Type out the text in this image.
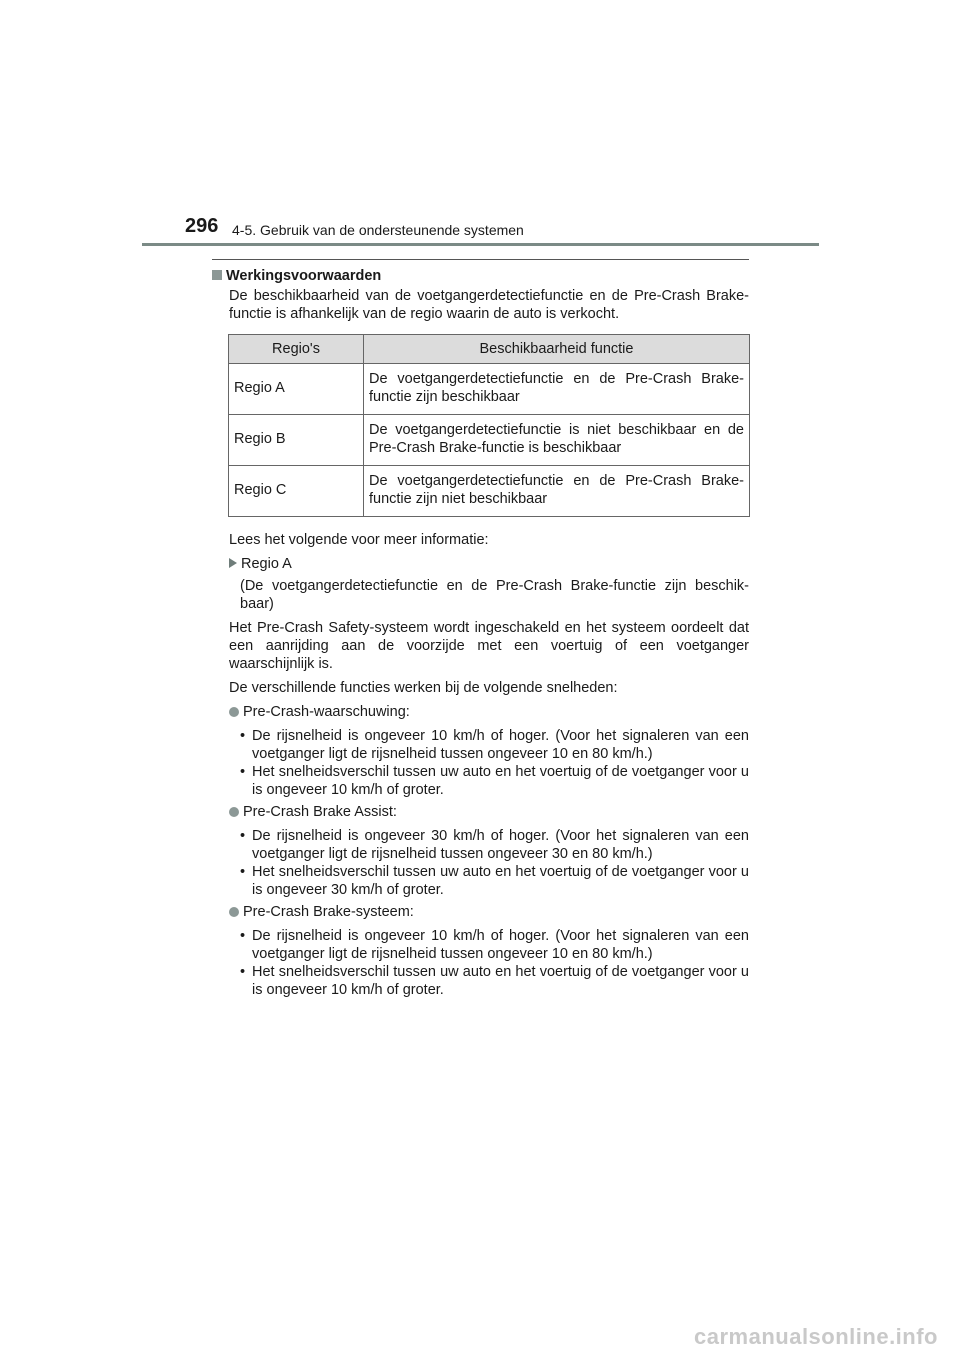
296 4-5. Gebruik van de ondersteunende systemen
Werkingsvoorwaarden

De beschikbaarheid van de voetgangerdetectiefunctie en de Pre-Crash Brake-functie is afhankelijk van de regio waarin de auto is verkocht.

Regio's	Beschikbaarheid functie
Regio A	De voetgangerdetectiefunctie en de Pre-Crash Brake-functie zijn beschikbaar
Regio B	De voetgangerdetectiefunctie is niet beschikbaar en de Pre-Crash Brake-functie is beschikbaar
Regio C	De voetgangerdetectiefunctie en de Pre-Crash Brake-functie zijn niet beschikbaar

Lees het volgende voor meer informatie:

Regio A

(De voetgangerdetectiefunctie en de Pre-Crash Brake-functie zijn beschik-baar)

Het Pre-Crash Safety-systeem wordt ingeschakeld en het systeem oordeelt dat een aanrijding aan de voorzijde met een voertuig of een voetganger waarschijnlijk is.

De verschillende functies werken bij de volgende snelheden:

Pre-Crash-waarschuwing:
• De rijsnelheid is ongeveer 10 km/h of hoger. (Voor het signaleren van een voetganger ligt de rijsnelheid tussen ongeveer 10 en 80 km/h.)
• Het snelheidsverschil tussen uw auto en het voertuig of de voetganger voor u is ongeveer 10 km/h of groter.
Pre-Crash Brake Assist:
• De rijsnelheid is ongeveer 30 km/h of hoger. (Voor het signaleren van een voetganger ligt de rijsnelheid tussen ongeveer 30 en 80 km/h.)
• Het snelheidsverschil tussen uw auto en het voertuig of de voetganger voor u is ongeveer 30 km/h of groter.
Pre-Crash Brake-systeem:
• De rijsnelheid is ongeveer 10 km/h of hoger. (Voor het signaleren van een voetganger ligt de rijsnelheid tussen ongeveer 10 en 80 km/h.)
• Het snelheidsverschil tussen uw auto en het voertuig of de voetganger voor u is ongeveer 10 km/h of groter.
carmanualsonline.info
